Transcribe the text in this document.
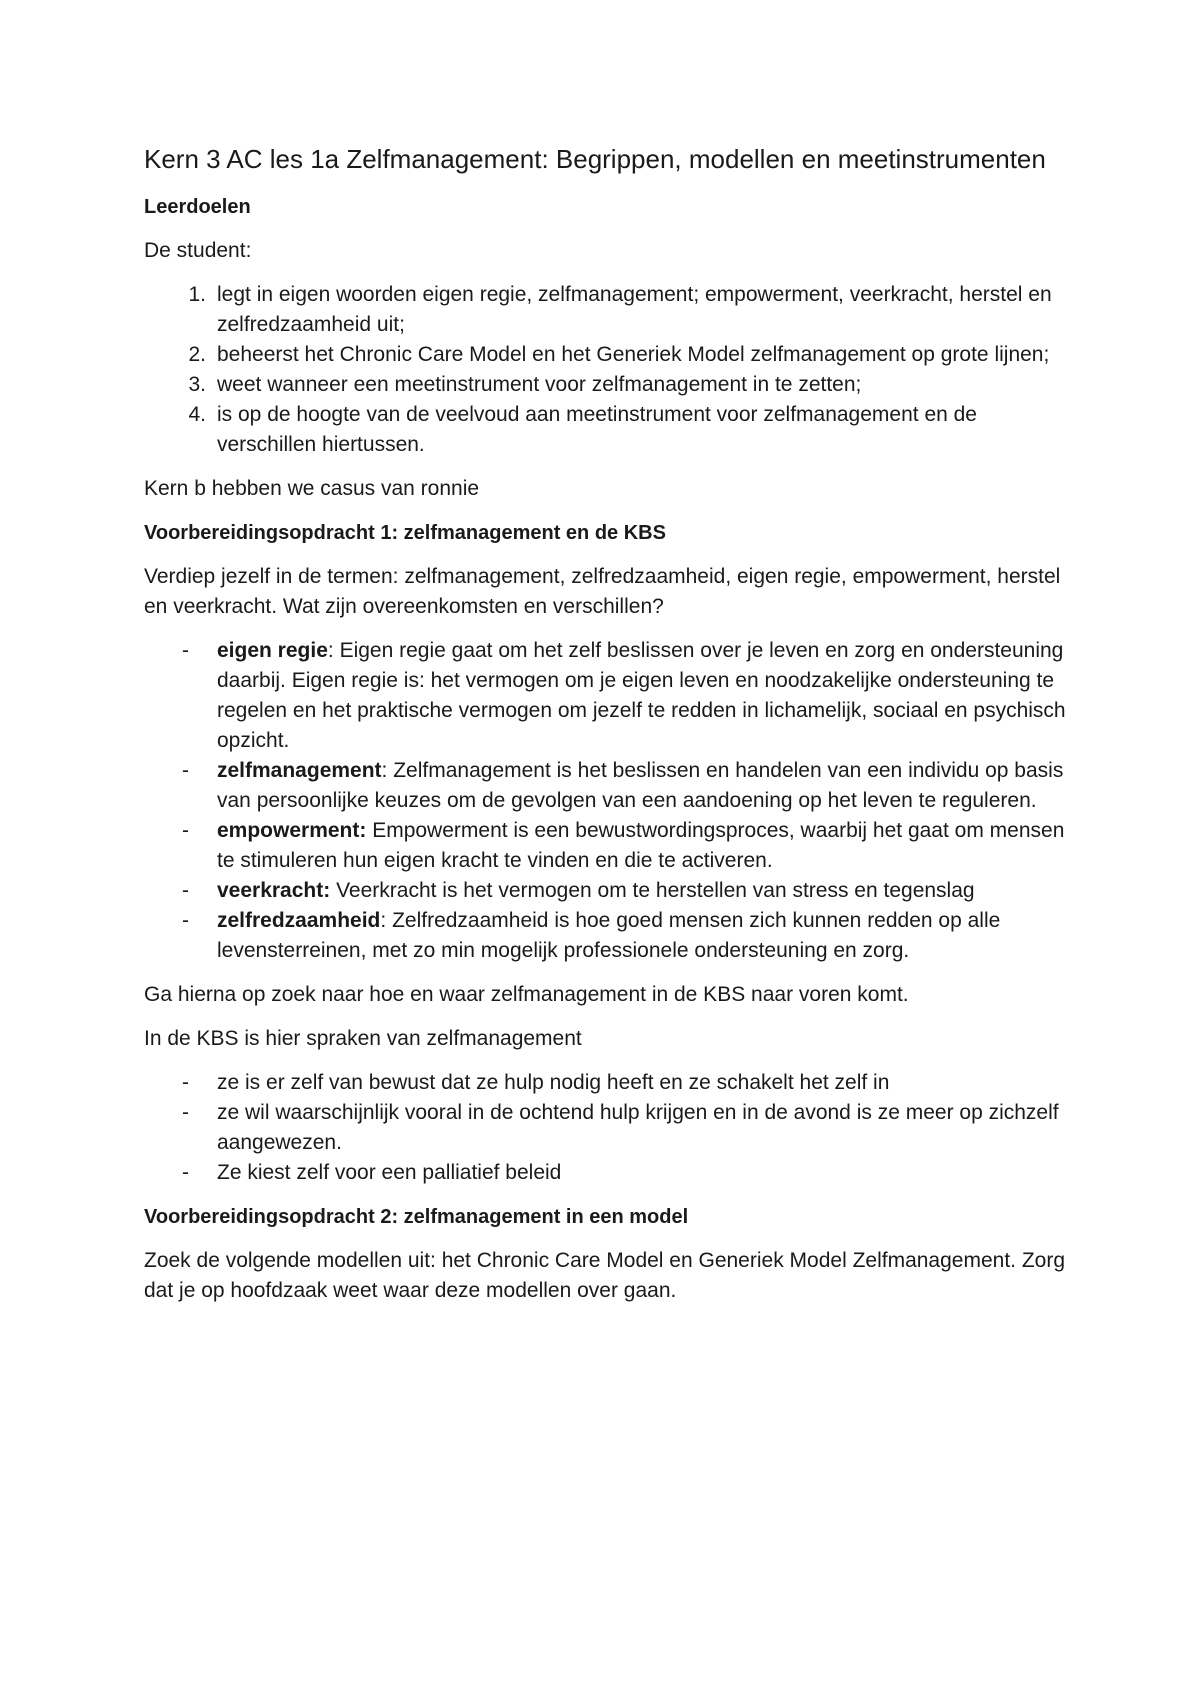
Kern 3 AC les 1a Zelfmanagement: Begrippen, modellen en meetinstrumenten
Leerdoelen
De student:
1. legt in eigen woorden eigen regie, zelfmanagement; empowerment, veerkracht, herstel en zelfredzaamheid uit;
2. beheerst het Chronic Care Model en het Generiek Model zelfmanagement op grote lijnen;
3. weet wanneer een meetinstrument voor zelfmanagement in te zetten;
4. is op de hoogte van de veelvoud aan meetinstrument voor zelfmanagement en de verschillen hiertussen.
Kern b hebben we casus van ronnie
Voorbereidingsopdracht 1: zelfmanagement en de KBS
Verdiep jezelf in de termen: zelfmanagement, zelfredzaamheid, eigen regie, empowerment, herstel en veerkracht. Wat zijn overeenkomsten en verschillen?
- eigen regie: Eigen regie gaat om het zelf beslissen over je leven en zorg en ondersteuning daarbij. Eigen regie is: het vermogen om je eigen leven en noodzakelijke ondersteuning te regelen en het praktische vermogen om jezelf te redden in lichamelijk, sociaal en psychisch opzicht.
- zelfmanagement: Zelfmanagement is het beslissen en handelen van een individu op basis van persoonlijke keuzes om de gevolgen van een aandoening op het leven te reguleren.
- empowerment: Empowerment is een bewustwordingsproces, waarbij het gaat om mensen te stimuleren hun eigen kracht te vinden en die te activeren.
- veerkracht: Veerkracht is het vermogen om te herstellen van stress en tegenslag
- zelfredzaamheid: Zelfredzaamheid is hoe goed mensen zich kunnen redden op alle levensterreinen, met zo min mogelijk professionele ondersteuning en zorg.
Ga hierna op zoek naar hoe en waar zelfmanagement in de KBS naar voren komt.
In de KBS is hier spraken van zelfmanagement
- ze is er zelf van bewust dat ze hulp nodig heeft en ze schakelt het zelf in
- ze wil waarschijnlijk vooral in de ochtend hulp krijgen en in de avond is ze meer op zichzelf aangewezen.
- Ze kiest zelf voor een palliatief beleid
Voorbereidingsopdracht 2: zelfmanagement in een model
Zoek de volgende modellen uit: het Chronic Care Model en Generiek Model Zelfmanagement. Zorg dat je op hoofdzaak weet waar deze modellen over gaan.
